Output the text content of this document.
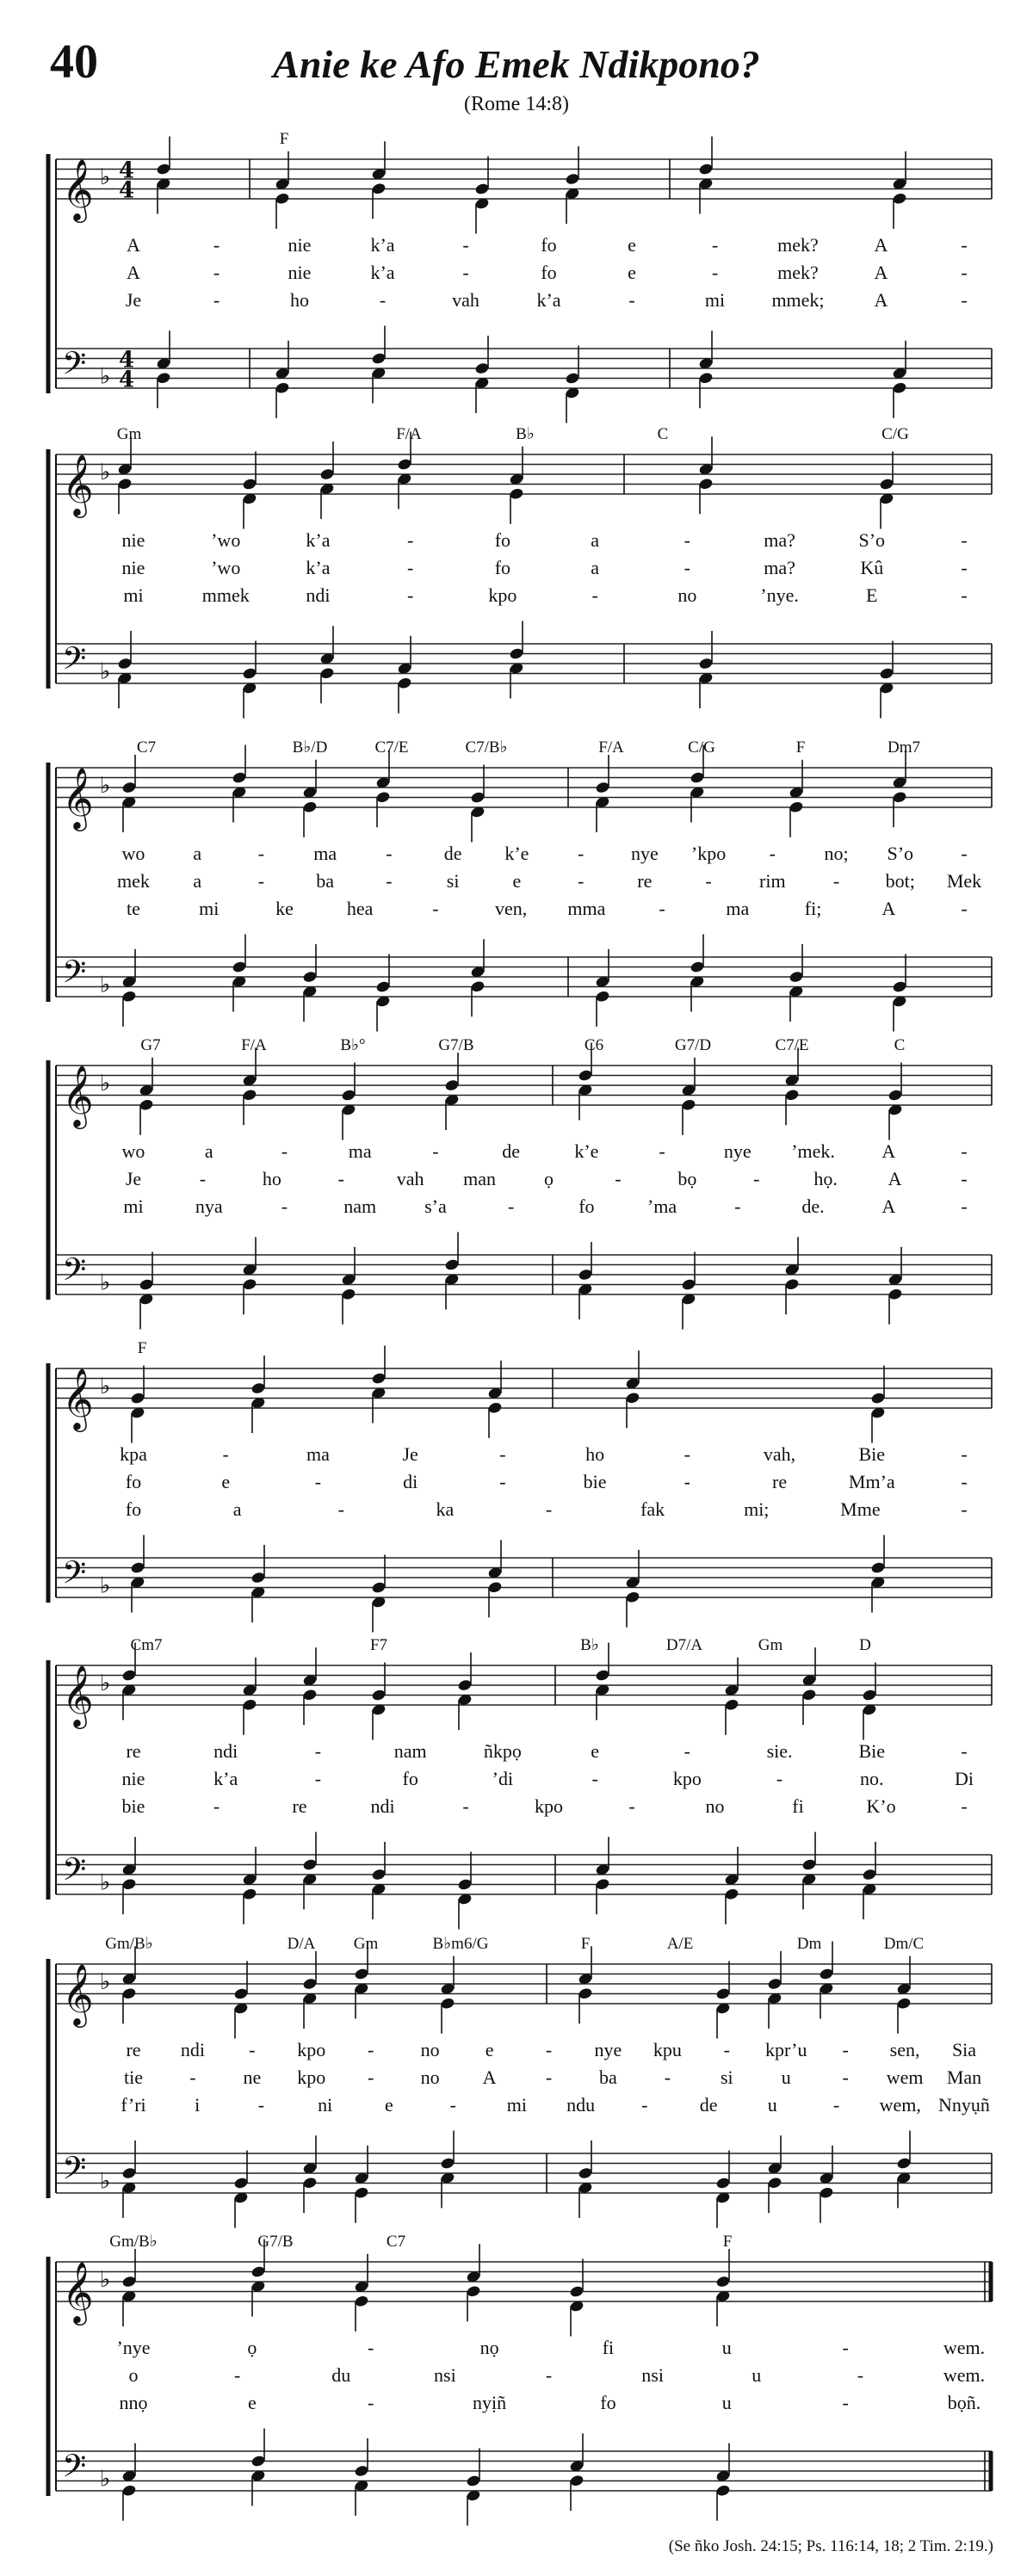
40	Anie ke Afo Emek Ndikpono?
(Rome 14:8)
F
𝄞
𝄢
♭
♭
4
4
4
4
A	-	nie	k’a	-	fo	e	-	mek?	A	-
A	-	nie	k’a	-	fo	e	-	mek?	A	-
Je	-	ho	-	vah	k’a	-	mi mmek;	A	-
Gm	F/A	B♭	C	C/G
𝄞
𝄢
♭
♭
nie	’wo	k’a	-	fo	a	-	ma?	S’o	-
nie	’wo	k’a	-	fo	a	-	ma?	Kû	-
mi	mmek	ndi	-	kpo	-	no	’nye.	E	-
C7	B♭/D	C7/E	C7/B♭	F/A	C/G	F	Dm7
𝄞
𝄢
♭
♭
wo	a	-	ma	-	de k’e	- nye ’kpo -	no; S’o	-
mek a	-	ba	-	si	e	-	re	-	rim	- bot; Mek
te	mi	ke	hea	-	ven, mma	-	ma	fi;	A	-
G7	F/A	B♭°	G7/B	C6	G7/D	C7/E	C
𝄞
𝄢
♭
♭
wo	a	-	ma	-	de	k’e	-	nye ’mek. A	-
Je	-	ho	-	vah man	ọ	-	bọ	-	họ.	A	-
mi	nya	-	nam	s’a	-	fo	’ma	-	de.	A	-
F
𝄞
𝄢
♭
♭
kpa	-	ma	Je	-	ho	-	vah,	Bie	-
fo	e	-	di	-	bie	-	re	Mm’a	-
fo	a	-	ka	-	fak	mi;	Mme	-
Cm7	F7	B♭	D7/A	Gm	D
𝄞
𝄢
♭
♭
re	ndi	-	nam	ñkpọ	e	-	sie.	Bie	-
nie	k’a	-	fo	’di	-	kpo	-	no.	Di
bie	-	re	ndi	-	kpo	-	no	fi	K’o	-
Gm/B♭	D/A Gm	B♭m6/G	F	A/E	Dm	Dm/C
𝄞
𝄢
♭
♭
re ndi - kpo - no e	- nye kpu - kpr’u - sen, Sia
tie - ne kpo - no A	- ba -	si	u	- wem Man
f’ri	i	-	ni	e	-	mi ndu -	de	u	- wem, Nnyụñ
Gm/B♭	G7/B	C7	F
𝄞
𝄢
♭
♭
’nye	ọ	-	nọ	fi	u	-	wem.
o	-	du	nsi	-	nsi	u	-	wem.
nnọ	e	-	nyịñ	fo	u	-	bọñ.
(Se ñko Josh. 24:15; Ps. 116:14, 18; 2 Tim. 2:19.)
